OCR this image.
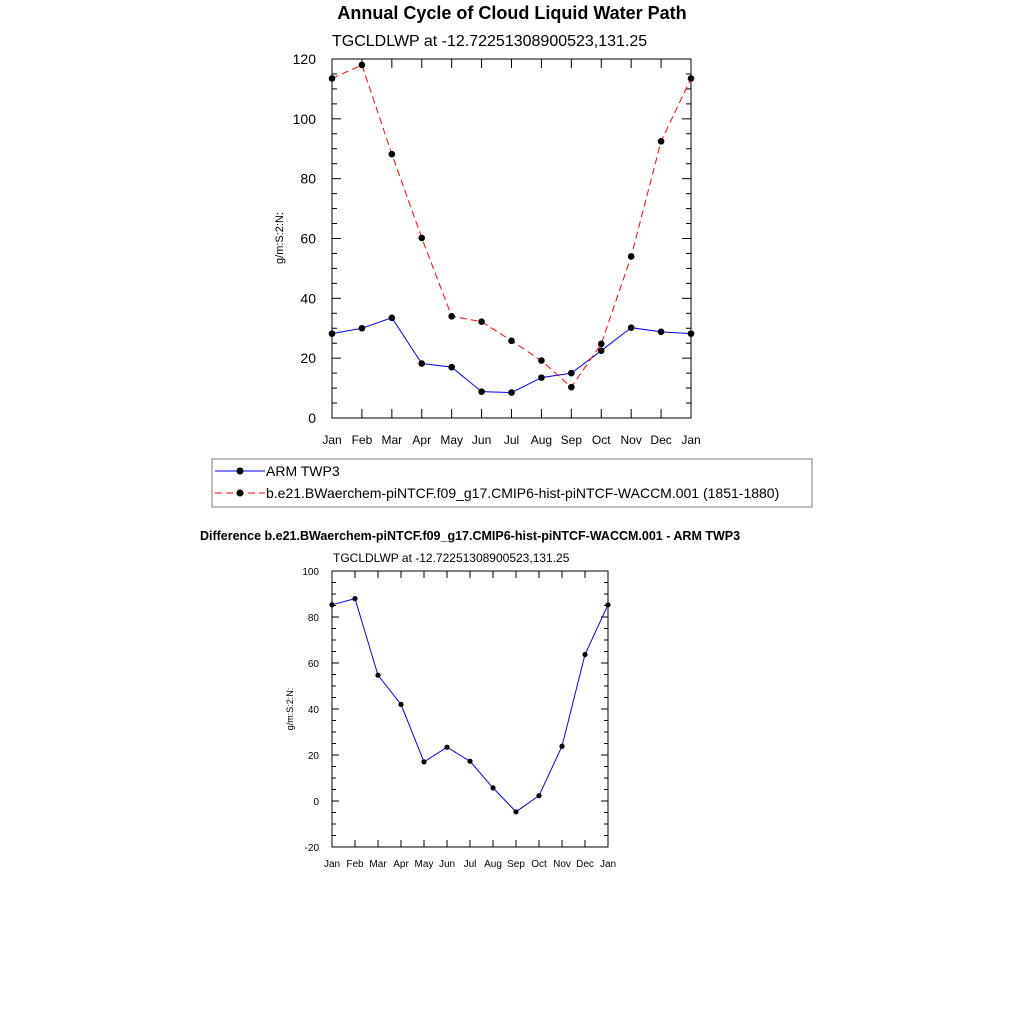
Annual Cycle of Cloud Liquid Water Path
TGCLDLWP at -12.72251308900523,131.25
g/m:S:2:N:
0
20
40
60
80
100
120
Jan Feb Mar Apr May Jun Jul Aug Sep Oct Nov Dec Jan
ARM TWP3
b.e21.BWaerchem-piNTCF.f09_g17.CMIP6-hist-piNTCF-WACCM.001 (1851-1880)
Difference b.e21.BWaerchem-piNTCF.f09_g17.CMIP6-hist-piNTCF-WACCM.001 - ARM TWP3
TGCLDLWP at -12.72251308900523,131.25
g/m:S:2:N:
-20
0
20
40
60
80
100
Jan Feb Mar Apr May Jun Jul Aug Sep Oct Nov Dec Jan
